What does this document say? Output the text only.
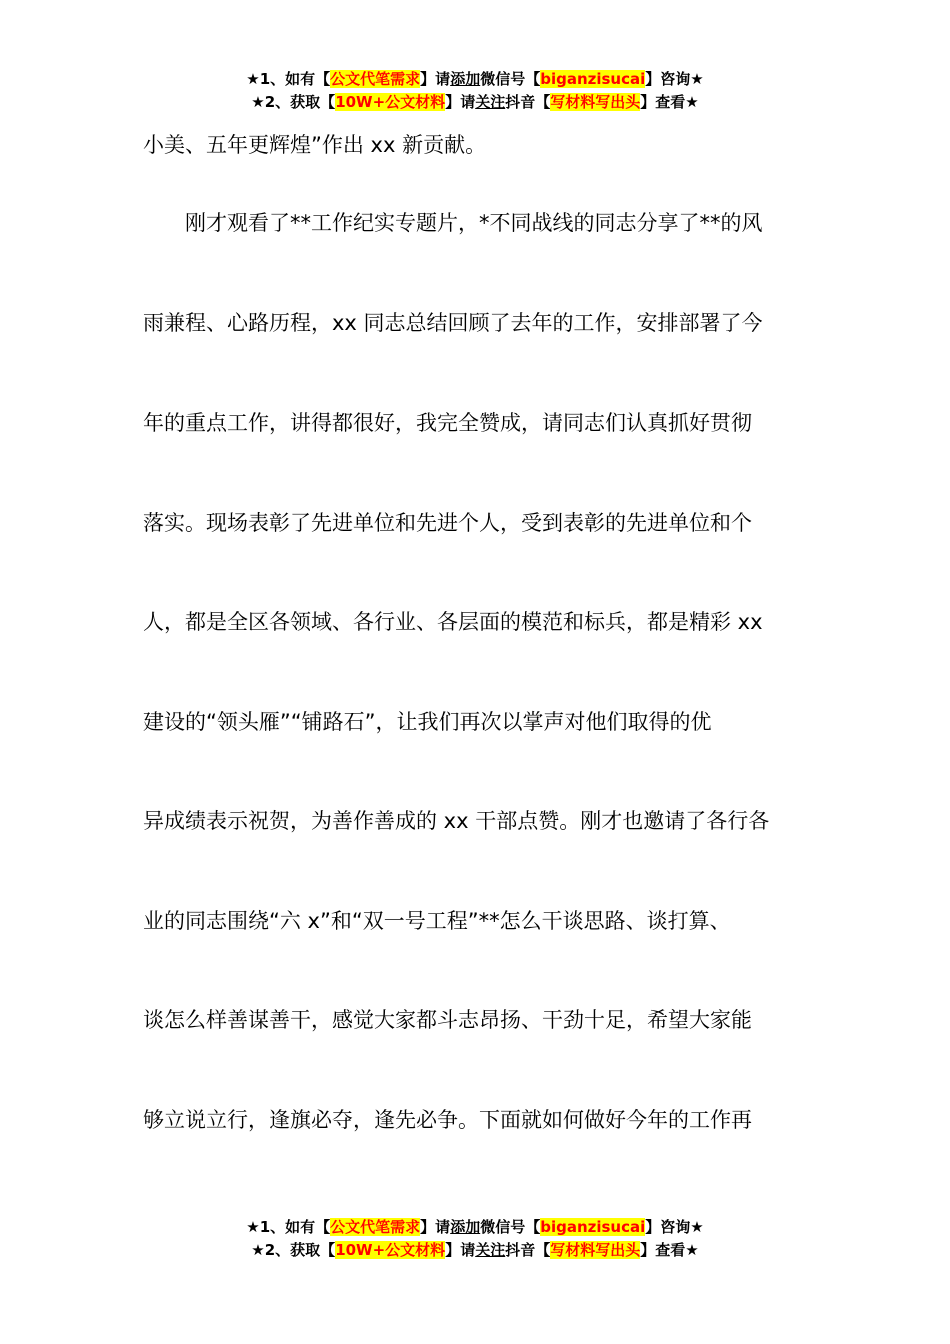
★1、如有【公文代笔需求】请添加微信号【biganzisucai】咨询★
★2、获取【10W+公文材料】请关注抖音【写材料写出头】查看★
小美、五年更辉煌”作出 xx 新贡献。
　　刚才观看了**工作纪实专题片，*不同战线的同志分享了**的风
雨兼程、心路历程，xx 同志总结回顾了去年的工作，安排部署了今
年的重点工作，讲得都很好，我完全赞成，请同志们认真抓好贯彻
落实。现场表彰了先进单位和先进个人，受到表彰的先进单位和个
人，都是全区各领域、各行业、各层面的模范和标兵，都是精彩 xx
建设的“领头雁”“铺路石”，让我们再次以掌声对他们取得的优
异成绩表示祝贺，为善作善成的 xx 干部点赞。刚才也邀请了各行各
业的同志围绕“六 x”和“双一号工程”**怎么干谈思路、谈打算、
谈怎么样善谋善干，感觉大家都斗志昂扬、干劲十足，希望大家能
够立说立行，逢旗必夺，逢先必争。下面就如何做好今年的工作再
★1、如有【公文代笔需求】请添加微信号【biganzisucai】咨询★
★2、获取【10W+公文材料】请关注抖音【写材料写出头】查看★
